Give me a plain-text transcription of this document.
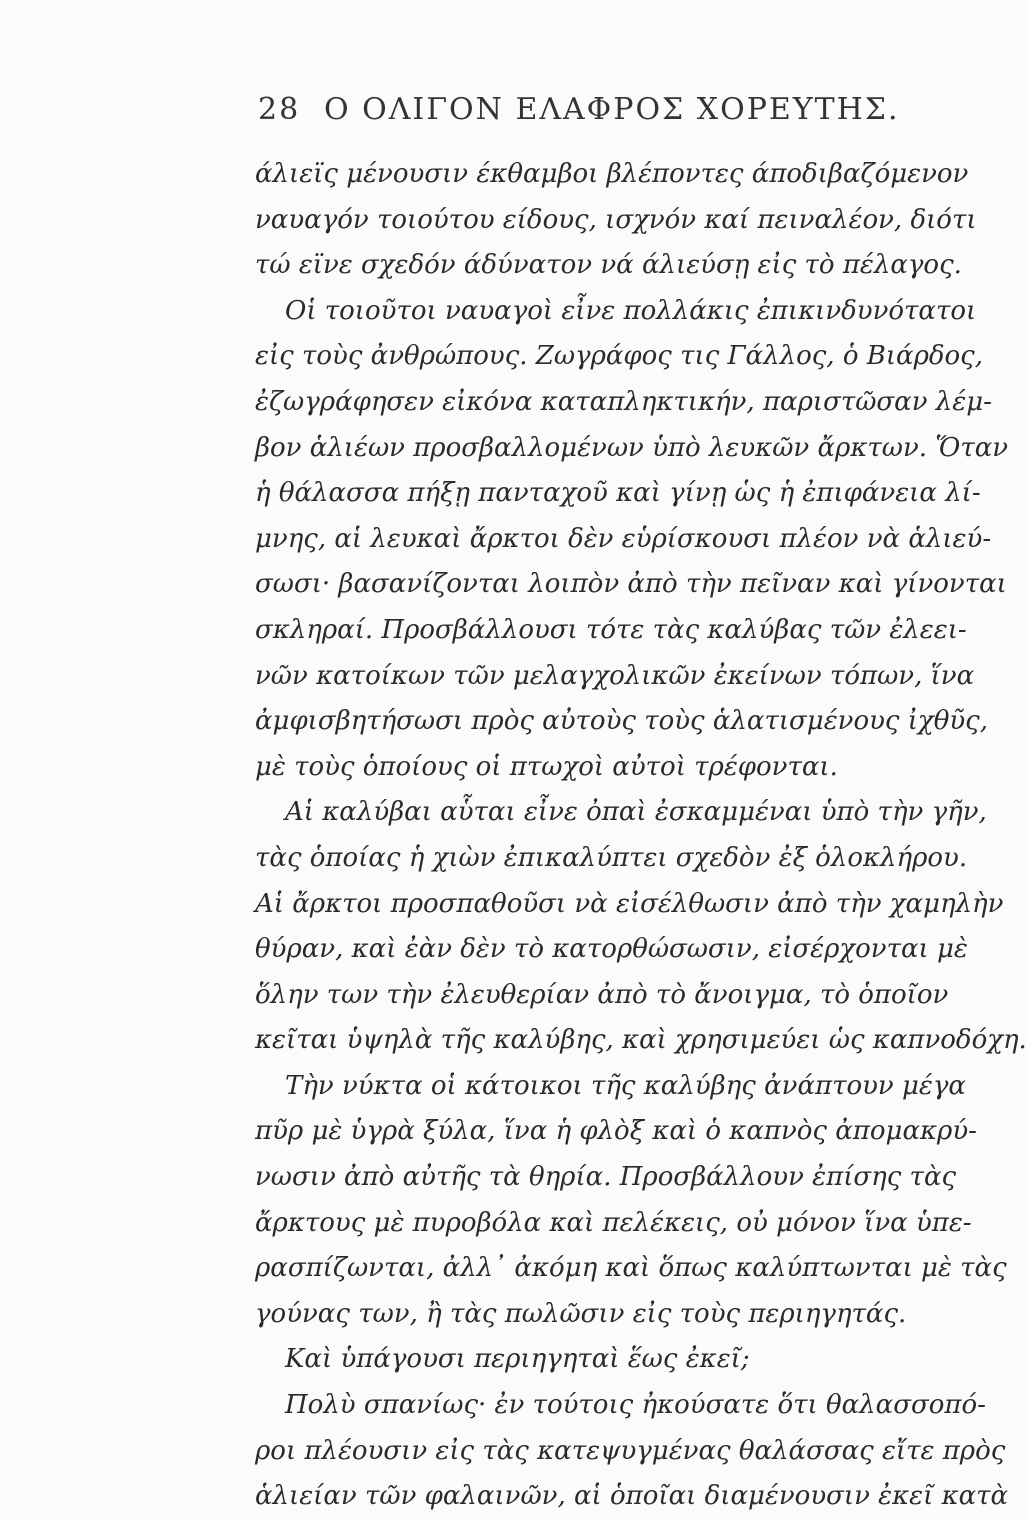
28 Ο ΟΛΙΓΟΝ ΕΛΑΦΡΟΣ ΧΟΡΕΥΤΗΣ.
άλιεϊς μένουσιν έκθαμβοι βλέποντες άποδιβαζόμενον
ναυαγόν τοιούτου είδους, ισχνόν καί πειναλέον, διότι
τώ εϊνε σχεδόν άδύνατον νά άλιεύσῃ εἰς τὸ πέλαγος.
Οἱ τοιοῦτοι ναυαγοὶ εἶνε πολλάκις ἐπικινδυνότατοι
εἰς τοὺς ἀνθρώπους. Ζωγράφος τις Γάλλος, ὁ Βιάρδος,
ἐζωγράφησεν εἰκόνα καταπληκτικήν, παριστῶσαν λέμ-
βον ἁλιέων προσβαλλομένων ὑπὸ λευκῶν ἄρκτων. Ὅταν
ἡ θάλασσα πήξῃ πανταχοῦ καὶ γίνῃ ὡς ἡ ἐπιφάνεια λί-
μνης, αἱ λευκαὶ ἄρκτοι δὲν εὑρίσκουσι πλέον νὰ ἁλιεύ-
σωσι· βασανίζονται λοιπὸν ἀπὸ τὴν πεῖναν καὶ γίνονται
σκληραί. Προσβάλλουσι τότε τὰς καλύβας τῶν ἐλεει-
νῶν κατοίκων τῶν μελαγχολικῶν ἐκείνων τόπων, ἵνα
ἀμφισβητήσωσι πρὸς αὐτοὺς τοὺς ἁλατισμένους ἰχθῦς,
μὲ τοὺς ὁποίους οἱ πτωχοὶ αὐτοὶ τρέφονται.
Αἱ καλύβαι αὗται εἶνε ὀπαὶ ἐσκαμμέναι ὑπὸ τὴν γῆν,
τὰς ὁποίας ἡ χιὼν ἐπικαλύπτει σχεδὸν ἐξ ὁλοκλήρου.
Αἱ ἄρκτοι προσπαθοῦσι νὰ εἰσέλθωσιν ἀπὸ τὴν χαμηλὴν
θύραν, καὶ ἐὰν δὲν τὸ κατορθώσωσιν, εἰσέρχονται μὲ
ὅλην των τὴν ἐλευθερίαν ἀπὸ τὸ ἄνοιγμα, τὸ ὁποῖον
κεῖται ὑψηλὰ τῆς καλύβης, καὶ χρησιμεύει ὡς καπνοδόχη.
Τὴν νύκτα οἱ κάτοικοι τῆς καλύβης ἀνάπτουν μέγα
πῦρ μὲ ὑγρὰ ξύλα, ἵνα ἡ φλὸξ καὶ ὁ καπνὸς ἀπομακρύ-
νωσιν ἀπὸ αὐτῆς τὰ θηρία. Προσβάλλουν ἐπίσης τὰς
ἄρκτους μὲ πυροβόλα καὶ πελέκεις, οὐ μόνον ἵνα ὑπε-
ρασπίζωνται, ἀλλ᾽ ἀκόμη καὶ ὅπως καλύπτωνται μὲ τὰς
γούνας των, ἢ τὰς πωλῶσιν εἰς τοὺς περιηγητάς.
Καὶ ὑπάγουσι περιηγηταὶ ἕως ἐκεῖ;
Πολὺ σπανίως· ἐν τούτοις ἠκούσατε ὅτι θαλασσοπό-
ροι πλέουσιν εἰς τὰς κατεψυγμένας θαλάσσας εἴτε πρὸς
ἁλιείαν τῶν φαλαινῶν, αἱ ὁποῖαι διαμένουσιν ἐκεῖ κατὰ
